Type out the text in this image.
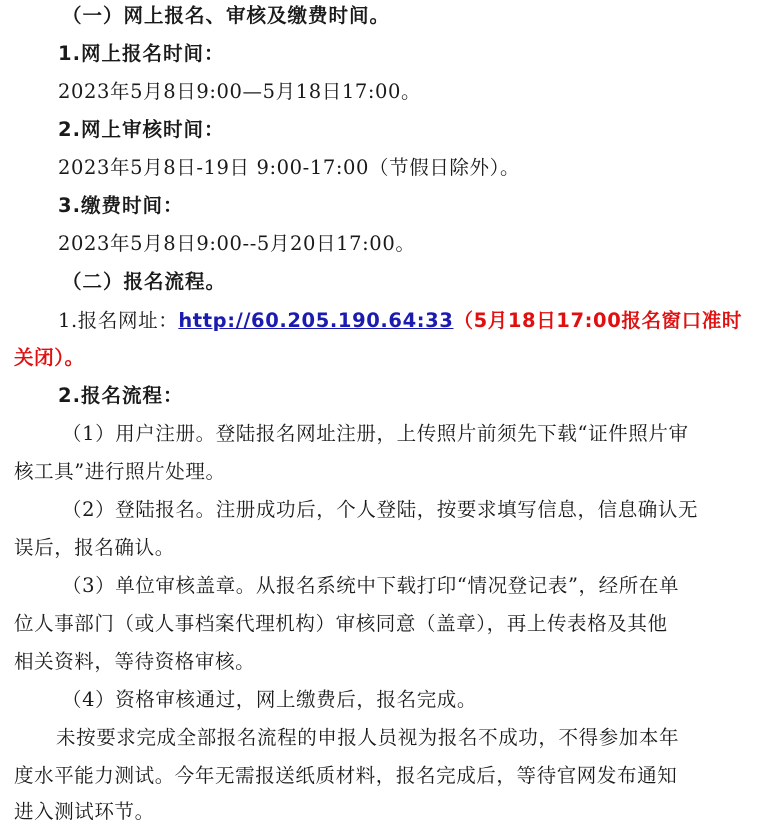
（一）网上报名、审核及缴费时间。
1.网上报名时间：
2023年5月8日9:00—5月18日17:00。
2.网上审核时间：
2023年5月8日-19日 9:00-17:00（节假日除外）。
3.缴费时间：
2023年5月8日9:00--5月20日17:00。
（二）报名流程。
1.报名网址：http://60.205.190.64:33（5月18日17:00报名窗口准时
关闭）。
2.报名流程：
（1）用户注册。登陆报名网址注册，上传照片前须先下载“证件照片审
核工具”进行照片处理。
（2）登陆报名。注册成功后，个人登陆，按要求填写信息，信息确认无
误后，报名确认。
（3）单位审核盖章。从报名系统中下载打印“情况登记表”，经所在单
位人事部门（或人事档案代理机构）审核同意（盖章），再上传表格及其他
相关资料，等待资格审核。
（4）资格审核通过，网上缴费后，报名完成。
未按要求完成全部报名流程的申报人员视为报名不成功，不得参加本年
度水平能力测试。今年无需报送纸质材料，报名完成后，等待官网发布通知
进入测试环节。
